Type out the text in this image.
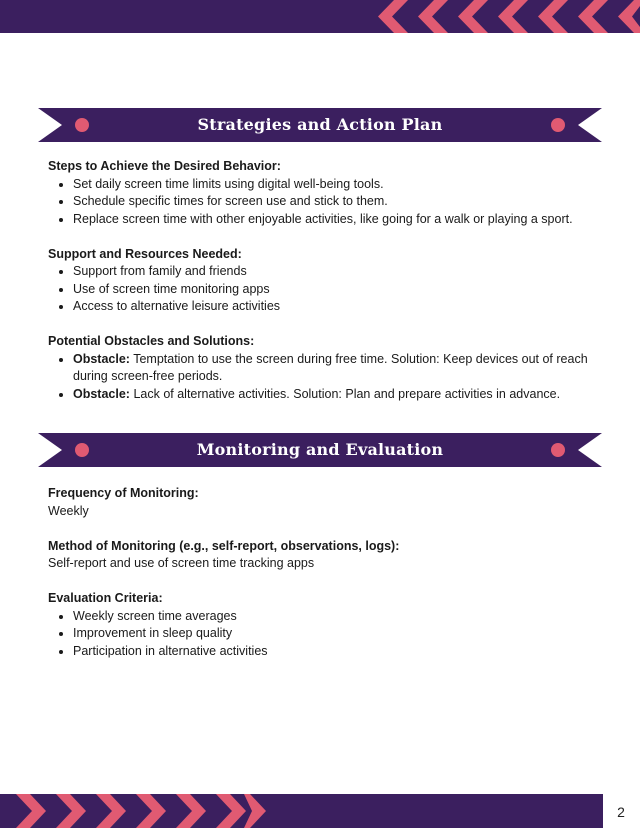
Strategies and Action Plan

Steps to Achieve the Desired Behavior:

• Set daily screen time limits using digital well-being tools.
• Schedule specific times for screen use and stick to them.
• Replace screen time with other enjoyable activities, like going for a walk or playing a sport.

Support and Resources Needed:

• Support from family and friends
• Use of screen time monitoring apps
• Access to alternative leisure activities

Potential Obstacles and Solutions:

• Obstacle: Temptation to use the screen during free time. Solution: Keep devices out of reach during screen-free periods.
• Obstacle: Lack of alternative activities. Solution: Plan and prepare activities in advance.
Monitoring and Evaluation

Frequency of Monitoring:

Weekly

Method of Monitoring (e.g., self-report, observations, logs):

Self-report and use of screen time tracking apps

Evaluation Criteria:

• Weekly screen time averages
• Improvement in sleep quality
• Participation in alternative activities
2
